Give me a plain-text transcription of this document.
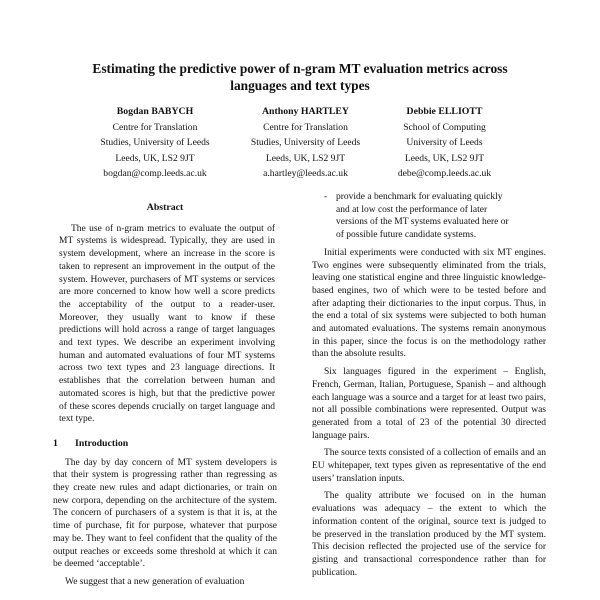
Estimating the predictive power of n-gram MT evaluation metrics across
languages and text types
Bogdan BABYCH
Centre for Translation
Studies, University of Leeds
Leeds, UK, LS2 9JT
bogdan@comp.leeds.ac.uk
Anthony HARTLEY
Centre for Translation
Studies, University of Leeds
Leeds, UK, LS2 9JT
a.hartley@leeds.ac.uk
Debbie ELLIOTT
School of Computing
University of Leeds
Leeds, UK, LS2 9JT
debe@comp.leeds.ac.uk
Abstract

The use of n-gram metrics to evaluate the output of MT systems is widespread. Typically, they are used in system development, where an increase in the score is taken to represent an improvement in the output of the system. However, purchasers of MT systems or services are more concerned to know how well a score predicts the acceptability of the output to a reader-user. Moreover, they usually want to know if these predictions will hold across a range of target languages and text types. We describe an experiment involving human and automated evaluations of four MT systems across two text types and 23 language directions. It establishes that the correlation between human and automated scores is high, but that the predictive power of these scores depends crucially on target language and text type.

1 Introduction

The day by day concern of MT system developers is that their system is progressing rather than regressing as they create new rules and adapt dictionaries, or train on new corpora, depending on the architecture of the system. The concern of purchasers of a system is that it is, at the time of purchase, fit for purpose, whatever that purpose may be. They want to feel confident that the quality of the output reaches or exceeds some threshold at which it can be deemed ‘acceptable’.

We suggest that a new generation of evaluation

- provide a benchmark for evaluating quickly and at low cost the performance of later versions of the MT systems evaluated here or of possible future candidate systems.

Initial experiments were conducted with six MT engines. Two engines were subsequently eliminated from the trials, leaving one statistical engine and three linguistic knowledge-based engines, two of which were to be tested before and after adapting their dictionaries to the input corpus. Thus, in the end a total of six systems were subjected to both human and automated evaluations. The systems remain anonymous in this paper, since the focus is on the methodology rather than the absolute results.

Six languages figured in the experiment – English, French, German, Italian, Portuguese, Spanish – and although each language was a source and a target for at least two pairs, not all possible combinations were represented. Output was generated from a total of 23 of the potential 30 directed language pairs.

The source texts consisted of a collection of emails and an EU whitepaper, text types given as representative of the end users’ translation inputs.

The quality attribute we focused on in the human evaluations was adequacy – the extent to which the information content of the original, source text is judged to be preserved in the translation produced by the MT system. This decision reflected the projected use of the service for gisting and transactional correspondence rather than for publication.
